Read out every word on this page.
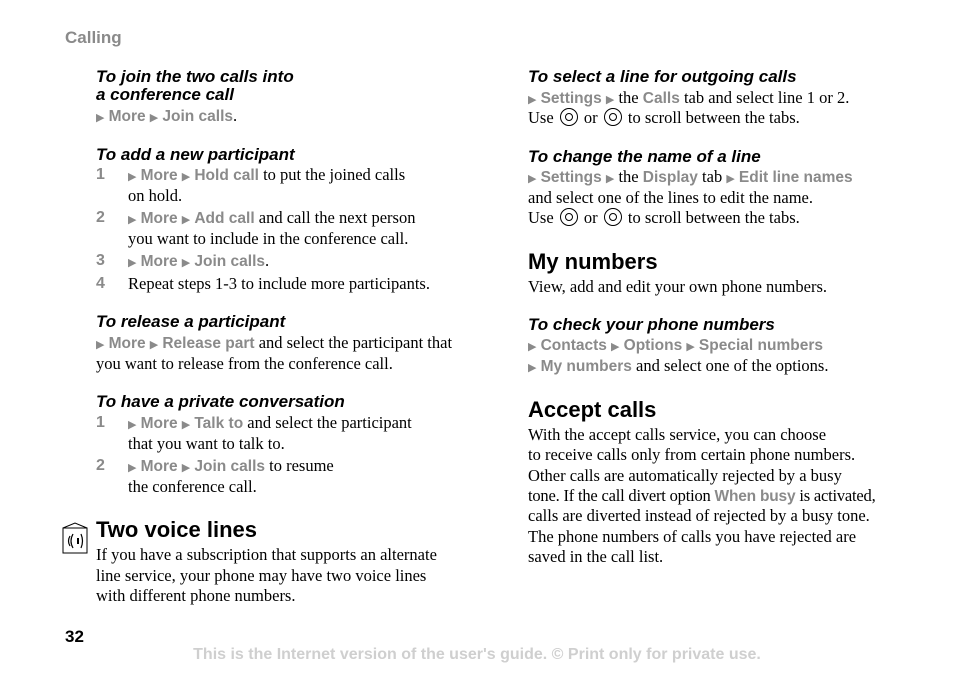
Calling

To join the two calls into

a conference call

▶ More ▶ Join calls.

To add a new participant

1 ▶ More ▶ Hold call to put the joined calls
on hold.
2 ▶ More ▶ Add call and call the next person
you want to include in the conference call.
3 ▶ More ▶ Join calls.
4 Repeat steps 1-3 to include more participants.

To release a participant

▶ More ▶ Release part and select the participant that
you want to release from the conference call.

To have a private conversation

1 ▶ More ▶ Talk to and select the participant
that you want to talk to.
2 ▶ More ▶ Join calls to resume
the conference call.

Two voice lines

If you have a subscription that supports an alternate
line service, your phone may have two voice lines
with different phone numbers.

To select a line for outgoing calls

▶ Settings ▶ the Calls tab and select line 1 or 2.
Use  or  to scroll between the tabs.

To change the name of a line

▶ Settings ▶ the Display tab ▶ Edit line names
and select one of the lines to edit the name.
Use  or  to scroll between the tabs.

My numbers

View, add and edit your own phone numbers.

To check your phone numbers

▶ Contacts ▶ Options ▶ Special numbers
▶ My numbers and select one of the options.

Accept calls

With the accept calls service, you can choose
to receive calls only from certain phone numbers.
Other calls are automatically rejected by a busy
tone. If the call divert option When busy is activated,
calls are diverted instead of rejected by a busy tone.
The phone numbers of calls you have rejected are
saved in the call list.
32
This is the Internet version of the user's guide. © Print only for private use.
